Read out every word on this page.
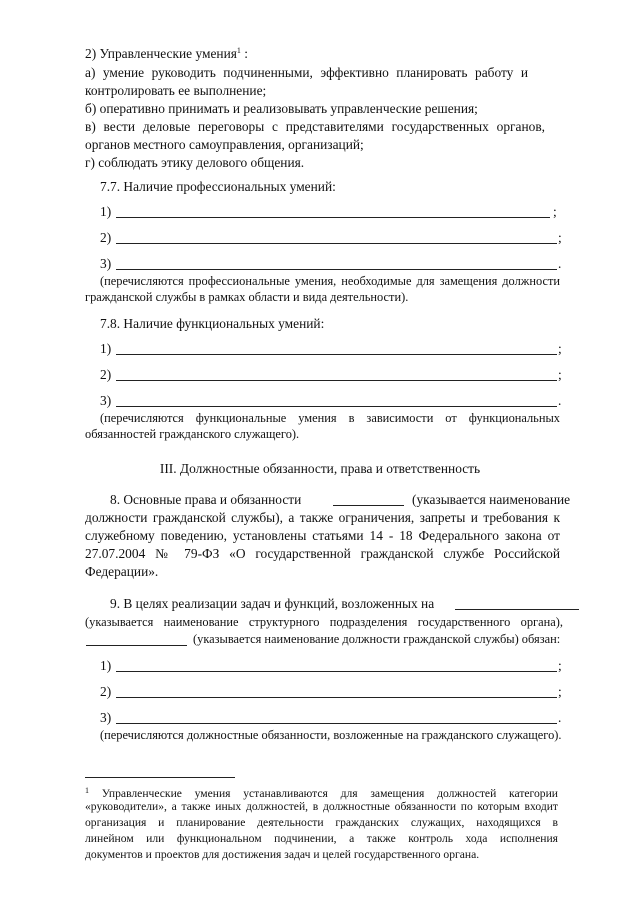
2) Управленческие умения$^1$ :
а) умение руководить подчиненными, эффективно планировать работу и
контролировать ее выполнение;
б) оперативно принимать и реализовывать управленческие решения;
в) вести деловые переговоры с представителями государственных органов,
органов местного самоуправления, организаций;
г) соблюдать этику делового общения.
7.7. Наличие профессиональных умений:
1)	;
2)	;
3)	.
(перечисляются профессиональные умения, необходимые для замещения должности
гражданской службы в рамках области и вида деятельности).
7.8. Наличие функциональных умений:
1)	;
2)	;
3)	.
(перечисляются функциональные умения в зависимости от функциональных
обязанностей гражданского служащего).
III. Должностные обязанности, права и ответственность
8. Основные права и обязанности	(указывается наименование
должности гражданской службы), а также ограничения, запреты и требования к
служебному поведению, установлены статьями 14 - 18 Федерального закона от
27.07.2004 № 79-ФЗ «О государственной гражданской службе Российской
Федерации».
9. В целях реализации задач и функций, возложенных на
(указывается наименование структурного подразделения государственного органа),
(указывается наименование должности гражданской службы) обязан:
1)	;
2)	;
3)	.
(перечисляются должностные обязанности, возложенные на гражданского служащего).
$^1$ Управленческие умения устанавливаются для замещения должностей категории
«руководители», а также иных должностей, в должностные обязанности по которым входит
организация и планирование деятельности гражданских служащих, находящихся в
линейном или функциональном подчинении, а также контроль хода исполнения
документов и проектов для достижения задач и целей государственного органа.
